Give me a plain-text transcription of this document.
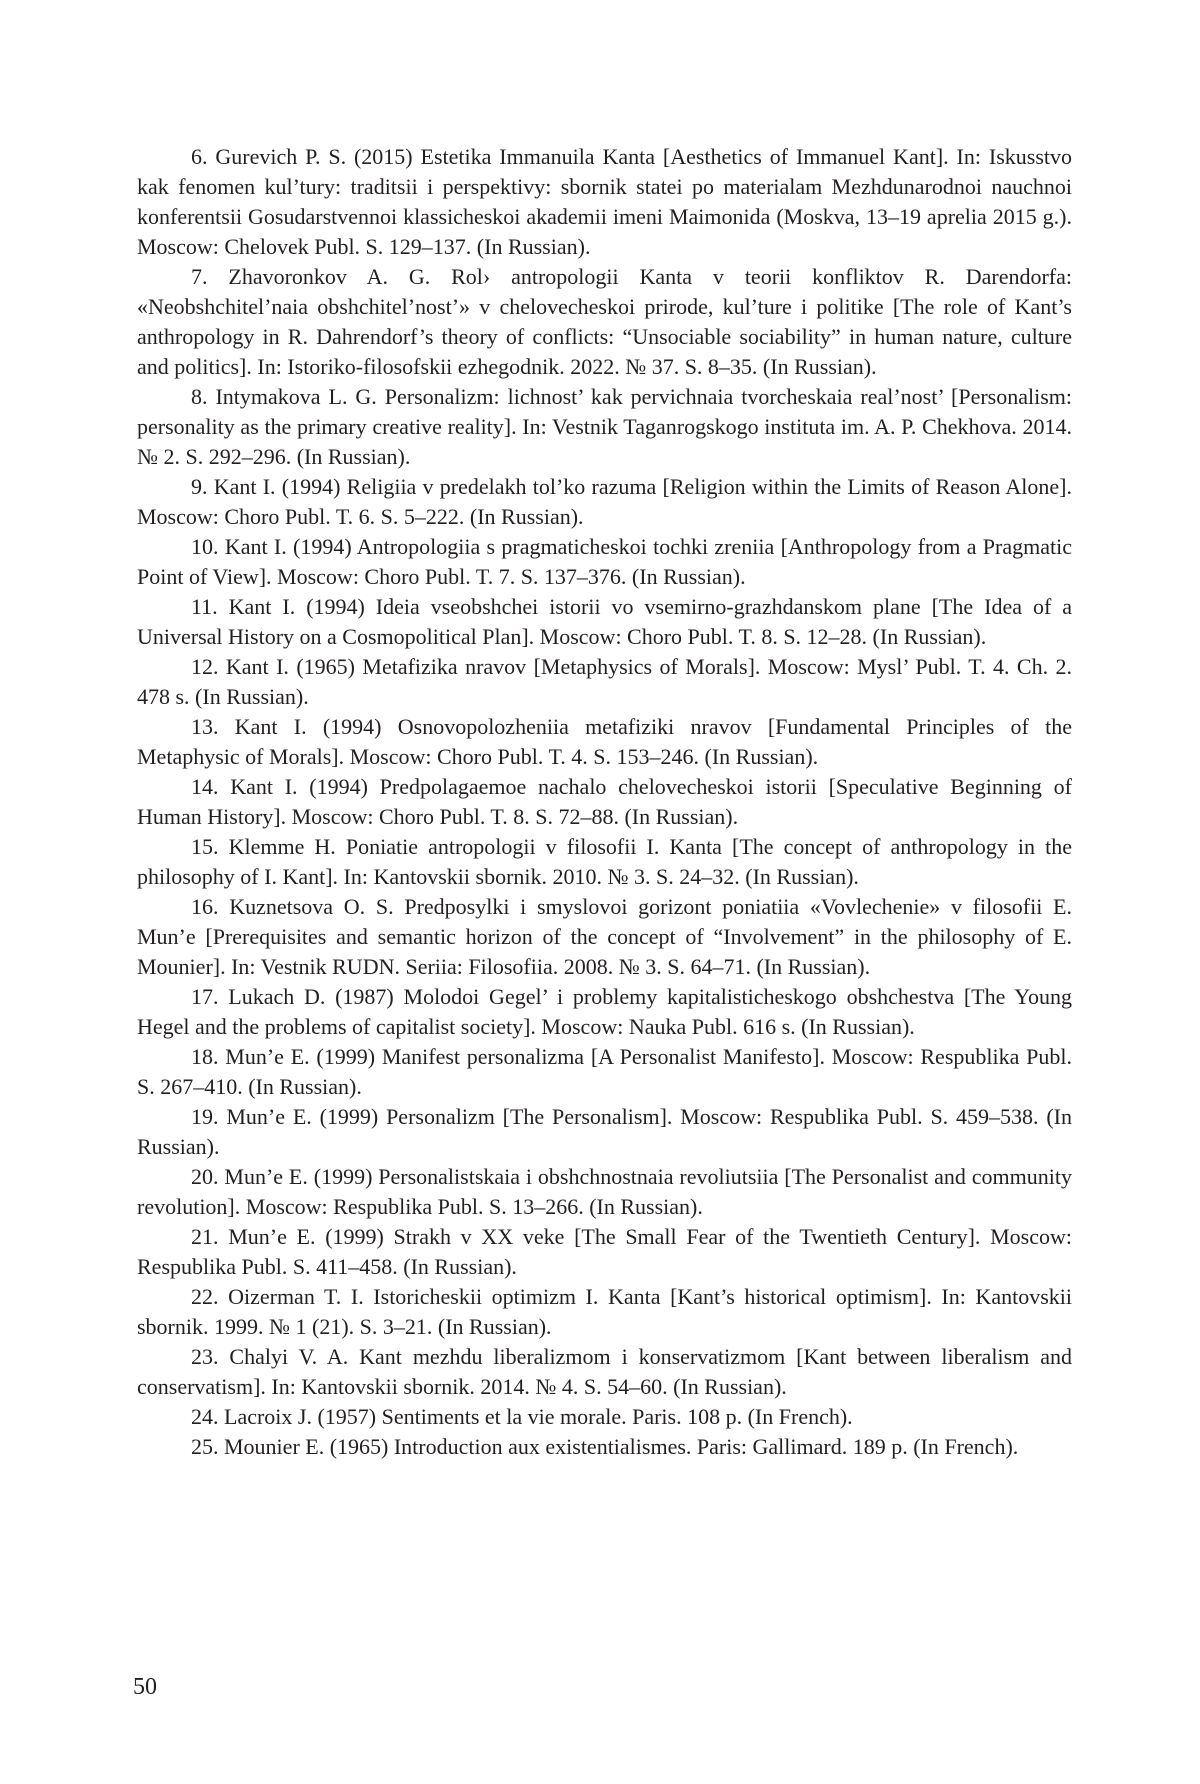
6. Gurevich P. S. (2015) Estetika Immanuila Kanta [Aesthetics of Immanuel Kant]. In: Iskusstvo kak fenomen kul’tury: traditsii i perspektivy: sbornik statei po materialam Mezhdunarodnoi nauchnoi konferentsii Gosudarstvennoi klassicheskoi akademii imeni Maimonida (Moskva, 13–19 aprelia 2015 g.). Moscow: Chelovek Publ. S. 129–137. (In Russian).
7. Zhavoronkov A. G. Rol› antropologii Kanta v teorii konfliktov R. Darendorfa: «Neobshchitel’naia obshchitel’nost’» v chelovecheskoi prirode, kul’ture i politike [The role of Kant’s anthropology in R. Dahrendorf’s theory of conflicts: “Unsociable sociability” in human nature, culture and politics]. In: Istoriko-filosofskii ezhegodnik. 2022. № 37. S. 8–35. (In Russian).
8. Intymakova L. G. Personalizm: lichnost’ kak pervichnaia tvorcheskaia real’nost’ [Personalism: personality as the primary creative reality]. In: Vestnik Taganrogskogo instituta im. A. P. Chekhova. 2014. № 2. S. 292–296. (In Russian).
9. Kant I. (1994) Religiia v predelakh tol’ko razuma [Religion within the Limits of Reason Alone]. Moscow: Choro Publ. T. 6. S. 5–222. (In Russian).
10. Kant I. (1994) Antropologiia s pragmaticheskoi tochki zreniia [Anthropology from a Pragmatic Point of View]. Moscow: Choro Publ. T. 7. S. 137–376. (In Russian).
11. Kant I. (1994) Ideia vseobshchei istorii vo vsemirno-grazhdanskom plane [The Idea of a Universal History on a Cosmopolitical Plan]. Moscow: Choro Publ. T. 8. S. 12–28. (In Russian).
12. Kant I. (1965) Metafizika nravov [Metaphysics of Morals]. Moscow: Mysl’ Publ. T. 4. Ch. 2. 478 s. (In Russian).
13. Kant I. (1994) Osnovopolozheniia metafiziki nravov [Fundamental Principles of the Metaphysic of Morals]. Moscow: Choro Publ. T. 4. S. 153–246. (In Russian).
14. Kant I. (1994) Predpolagaemoe nachalo chelovecheskoi istorii [Speculative Beginning of Human History]. Moscow: Choro Publ. T. 8. S. 72–88. (In Russian).
15. Klemme H. Poniatie antropologii v filosofii I. Kanta [The concept of anthropology in the philosophy of I. Kant]. In: Kantovskii sbornik. 2010. № 3. S. 24–32. (In Russian).
16. Kuznetsova O. S. Predposylki i smyslovoi gorizont poniatiia «Vovlechenie» v filosofii E. Mun’e [Prerequisites and semantic horizon of the concept of “Involvement” in the philosophy of E. Mounier]. In: Vestnik RUDN. Seriia: Filosofiia. 2008. № 3. S. 64–71. (In Russian).
17. Lukach D. (1987) Molodoi Gegel’ i problemy kapitalisticheskogo obshchestva [The Young Hegel and the problems of capitalist society]. Moscow: Nauka Publ. 616 s. (In Russian).
18. Mun’e E. (1999) Manifest personalizma [A Personalist Manifesto]. Moscow: Respublika Publ. S. 267–410. (In Russian).
19. Mun’e E. (1999) Personalizm [The Personalism]. Moscow: Respublika Publ. S. 459–538. (In Russian).
20. Mun’e E. (1999) Personalistskaia i obshchnostnaia revoliutsiia [The Personalist and community revolution]. Moscow: Respublika Publ. S. 13–266. (In Russian).
21. Mun’e E. (1999) Strakh v XX veke [The Small Fear of the Twentieth Century]. Moscow: Respublika Publ. S. 411–458. (In Russian).
22. Oizerman T. I. Istoricheskii optimizm I. Kanta [Kant’s historical optimism]. In: Kantovskii sbornik. 1999. № 1 (21). S. 3–21. (In Russian).
23. Chalyi V. A. Kant mezhdu liberalizmom i konservatizmom [Kant between liberalism and conservatism]. In: Kantovskii sbornik. 2014. № 4. S. 54–60. (In Russian).
24. Lacroix J. (1957) Sentiments et la vie morale. Paris. 108 p. (In French).
25. Mounier E. (1965) Introduction aux existentialismes. Paris: Gallimard. 189 p. (In French).
50
